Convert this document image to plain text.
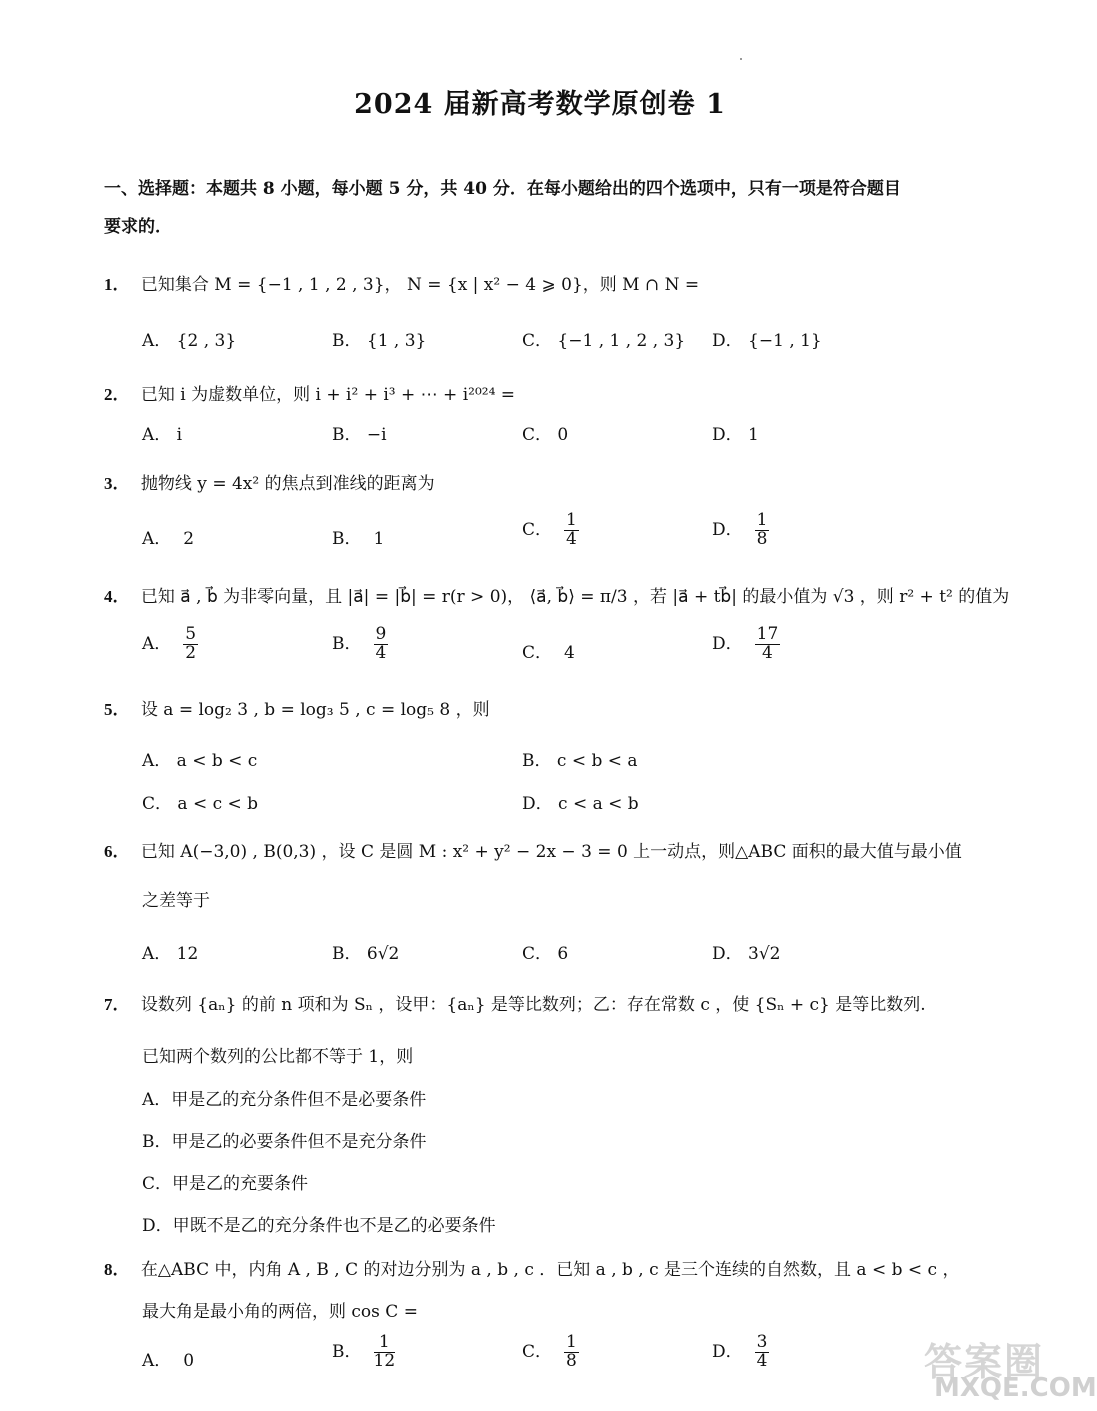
2024 届新高考数学原创卷 1
一、选择题：本题共 8 小题，每小题 5 分，共 40 分．在每小题给出的四个选项中，只有一项是符合题目
要求的．
1． 已知集合 M = {−1 , 1 , 2 , 3}， N = {x | x² − 4 ⩾ 0}，则 M ∩ N =
A． {2 , 3}	B． {1 , 3}	C． {−1 , 1 , 2 , 3} D． {−1 , 1}
2． 已知 i 为虚数单位，则 i + i² + i³ + ⋯ + i²⁰²⁴ =
A． i	B． −i	C． 0	D． 1
3． 抛物线 y = 4x² 的焦点到准线的距离为
A． 2	B． 1	C． $\frac{1}{4}$	D． $\frac{1}{8}$
4． 已知 a⃗ , b⃗ 为非零向量，且 |a⃗| = |b⃗| = r(r > 0)， ⟨a⃗, b⃗⟩ = π/3 ，若 |a⃗ + tb⃗| 的最小值为 √3 ，则 r² + t² 的值为
A． $\frac{5}{2}$	B． $\frac{9}{4}$	C． 4	D． $\frac{17}{4}$
5． 设 a = log₂ 3 , b = log₃ 5 , c = log₅ 8 ，则
A． a < b < c	B． c < b < a
C． a < c < b	D． c < a < b
6． 已知 A(−3,0) , B(0,3) ，设 C 是圆 M : x² + y² − 2x − 3 = 0 上一动点，则△ABC 面积的最大值与最小值
之差等于
A． 12	B． 6√2	C． 6	D． 3√2
7． 设数列 {aₙ} 的前 n 项和为 Sₙ ，设甲：{aₙ} 是等比数列；乙：存在常数 c ，使 {Sₙ + c} 是等比数列.
已知两个数列的公比都不等于 1，则
A．甲是乙的充分条件但不是必要条件
B．甲是乙的必要条件但不是充分条件
C．甲是乙的充要条件
D．甲既不是乙的充分条件也不是乙的必要条件
8． 在△ABC 中，内角 A , B , C 的对边分别为 a , b , c ．已知 a , b , c 是三个连续的自然数，且 a < b < c ，
最大角是最小角的两倍，则 cos C =
A． 0	B． $\frac{1}{12}$	C． $\frac{1}{8}$	D． $\frac{3}{4}$	答案圈
MXQE.COM
